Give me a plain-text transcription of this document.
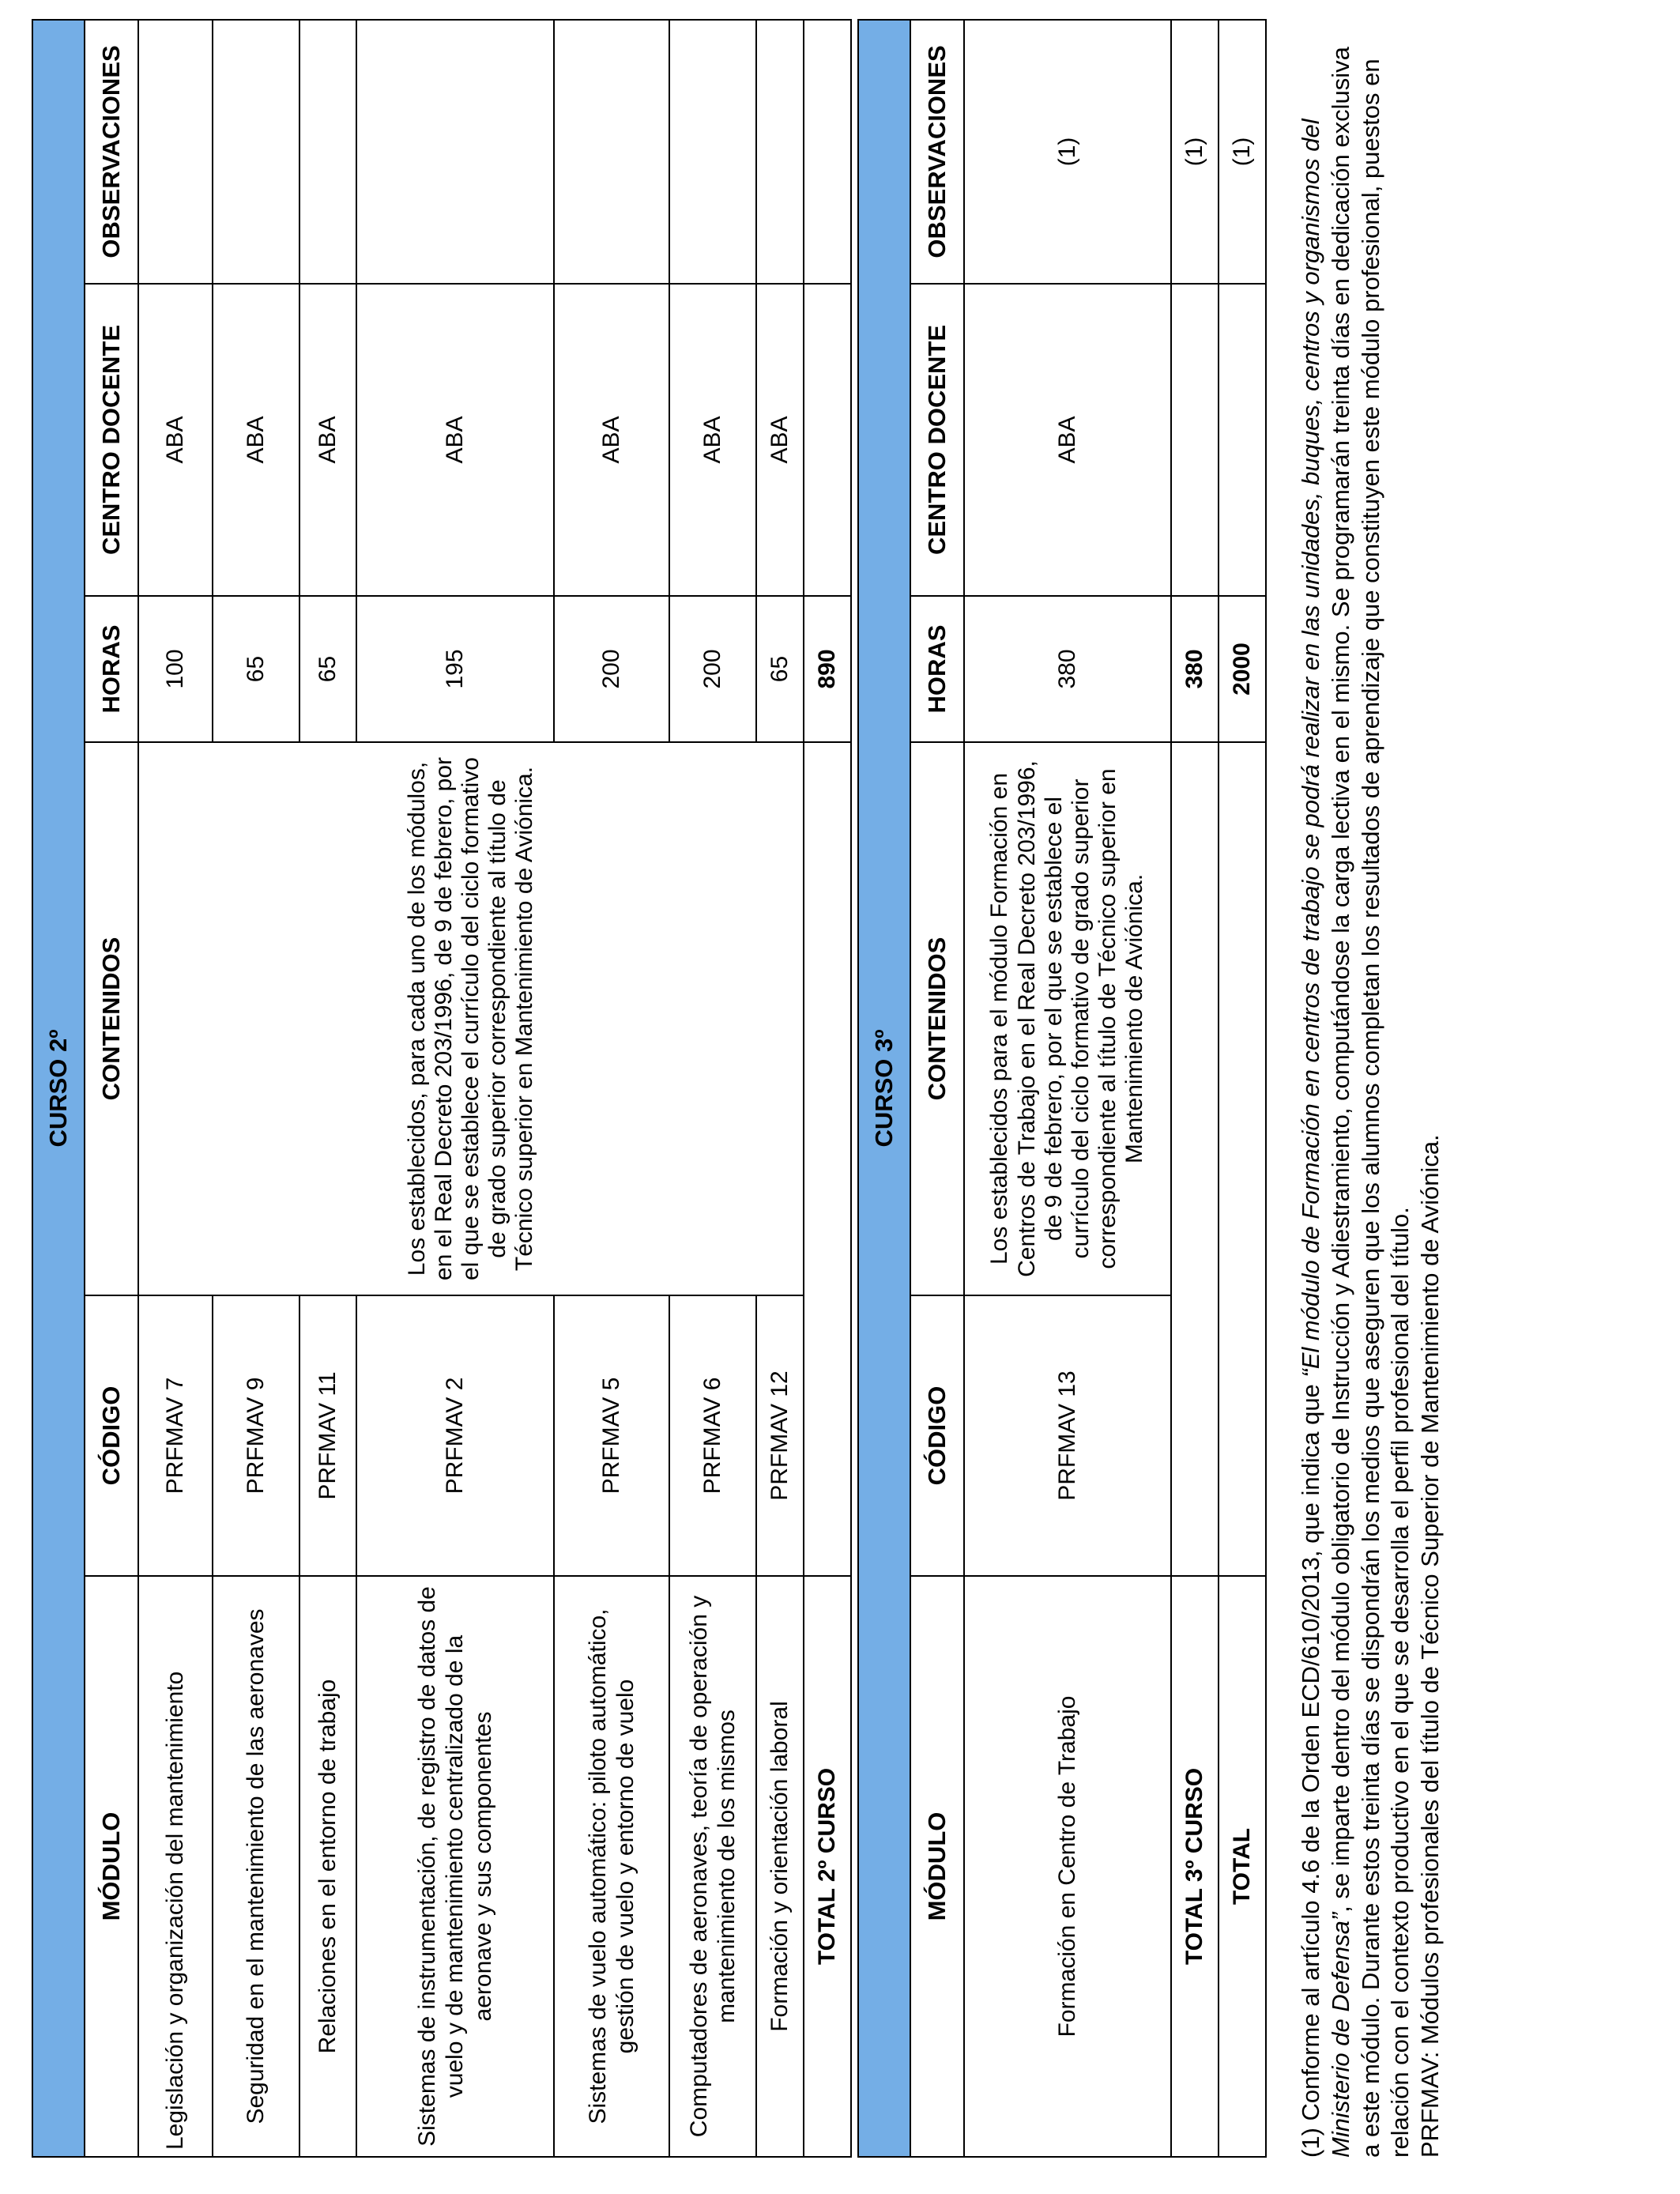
CURSO 2º					
MÓDULO	CÓDIGO	CONTENIDOS	HORAS	CENTRO DOCENTE	OBSERVACIONES
Legislación y organización del mantenimiento	PRFMAV 7	Los establecidos, para cada uno de los módulos, en el Real Decreto 203/1996, de 9 de febrero, por el que se establece el currículo del ciclo formativo de grado superior correspondiente al título de Técnico superior en Mantenimiento de Aviónica.	100	ABA	
Seguridad en el mantenimiento de las aeronaves	PRFMAV 9		65	ABA	
Relaciones en el entorno de trabajo	PRFMAV 11		65	ABA	
Sistemas de instrumentación, de registro de datos de vuelo y de mantenimiento centralizado de la aeronave y sus componentes	PRFMAV 2		195	ABA	
Sistemas de vuelo automático: piloto automático, gestión de vuelo y entorno de vuelo	PRFMAV 5		200	ABA	
Computadores de aeronaves, teoría de operación y mantenimiento de los mismos	PRFMAV 6		200	ABA	
Formación y orientación laboral	PRFMAV 12		65	ABA	
TOTAL 2º CURSO			890		
CURSO 3º					
MÓDULO	CÓDIGO	CONTENIDOS	HORAS	CENTRO DOCENTE	OBSERVACIONES
Formación en Centro de Trabajo	PRFMAV 13	Los establecidos para el módulo Formación en Centros de Trabajo en el Real Decreto 203/1996, de 9 de febrero, por el que se establece el currículo del ciclo formativo de grado superior correspondiente al título de Técnico superior en Mantenimiento de Aviónica.	380	ABA	(1)
TOTAL 3º CURSO			380		(1)
TOTAL			2000		(1)

(1) Conforme al artículo 4.6 de la Orden ECD/610/2013, que indica que “El módulo de Formación en centros de trabajo se podrá realizar en las unidades, buques, centros y organismos del Ministerio de Defensa”, se imparte dentro del módulo obligatorio de Instrucción y Adiestramiento, computándose la carga lectiva en el mismo. Se programarán treinta días en dedicación exclusiva a este módulo. Durante estos treinta días se dispondrán los medios que aseguren que los alumnos completan los resultados de aprendizaje que constituyen este módulo profesional, puestos en relación con el contexto productivo en el que se desarrolla el perfil profesional del título. PRFMAV: Módulos profesionales del título de Técnico Superior de Mantenimiento de Aviónica.
